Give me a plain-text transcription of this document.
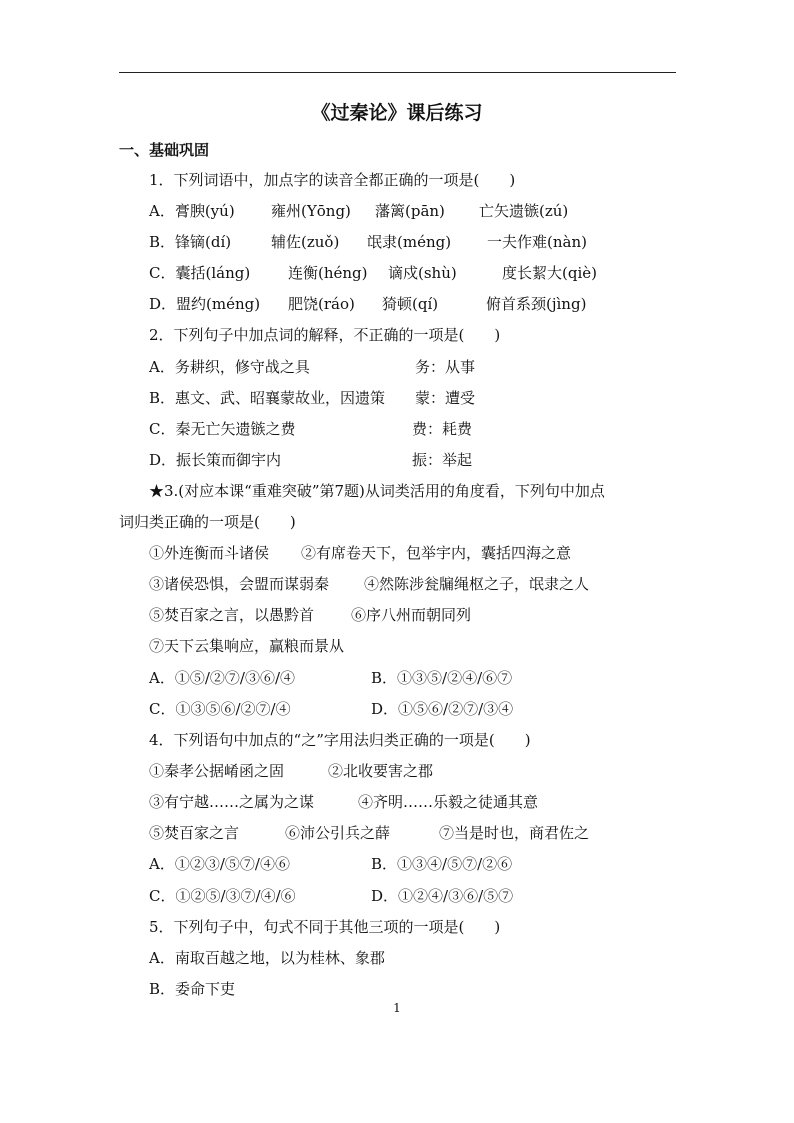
《过秦论》课后练习
一、基础巩固
1．下列词语中，加点字的读音全都正确的一项是(　　)
A．膏腴(yú) 雍州(Yōng) 藩篱(pān) 亡矢遗镞(zú)
B．锋镝(dí)	辅佐(zuǒ) 氓隶(méng) 一夫作难(nàn)
C．囊括(láng)	连衡(héng) 谪戍(shù)	度长絜大(qiè)
D．盟约(méng) 肥饶(ráo) 猗顿(qí)	俯首系颈(jìng)
2．下列句子中加点词的解释，不正确的一项是(　　)
A．务耕织，修守战之具	务：从事
B．惠文、武、昭襄蒙故业，因遗策 蒙：遭受
C．秦无亡矢遗镞之费	费：耗费
D．振长策而御宇内	振：举起
★3.(对应本课“重难突破”第7题)从词类活用的角度看，下列句中加点
词归类正确的一项是(　　)
①外连衡而斗诸侯 ②有席卷天下，包举宇内，囊括四海之意
③诸侯恐惧，会盟而谋弱秦 ④然陈涉瓮牖绳枢之子，氓隶之人
⑤焚百家之言，以愚黔首 ⑥序八州而朝同列
⑦天下云集响应，赢粮而景从
A．①⑤/②⑦/③⑥/④	B．①③⑤/②④/⑥⑦
C．①③⑤⑥/②⑦/④	D．①⑤⑥/②⑦/③④
4．下列语句中加点的“之”字用法归类正确的一项是(　　)
①秦孝公据崤函之固	②北收要害之郡
③有宁越……之属为之谋	④齐明……乐毅之徒通其意
⑤焚百家之言	⑥沛公引兵之薛	⑦当是时也，商君佐之
A．①②③/⑤⑦/④⑥	B．①③④/⑤⑦/②⑥
C．①②⑤/③⑦/④/⑥	D．①②④/③⑥/⑤⑦
5．下列句子中，句式不同于其他三项的一项是(　　)
A．南取百越之地，以为桂林、象郡
B．委命下吏
1
